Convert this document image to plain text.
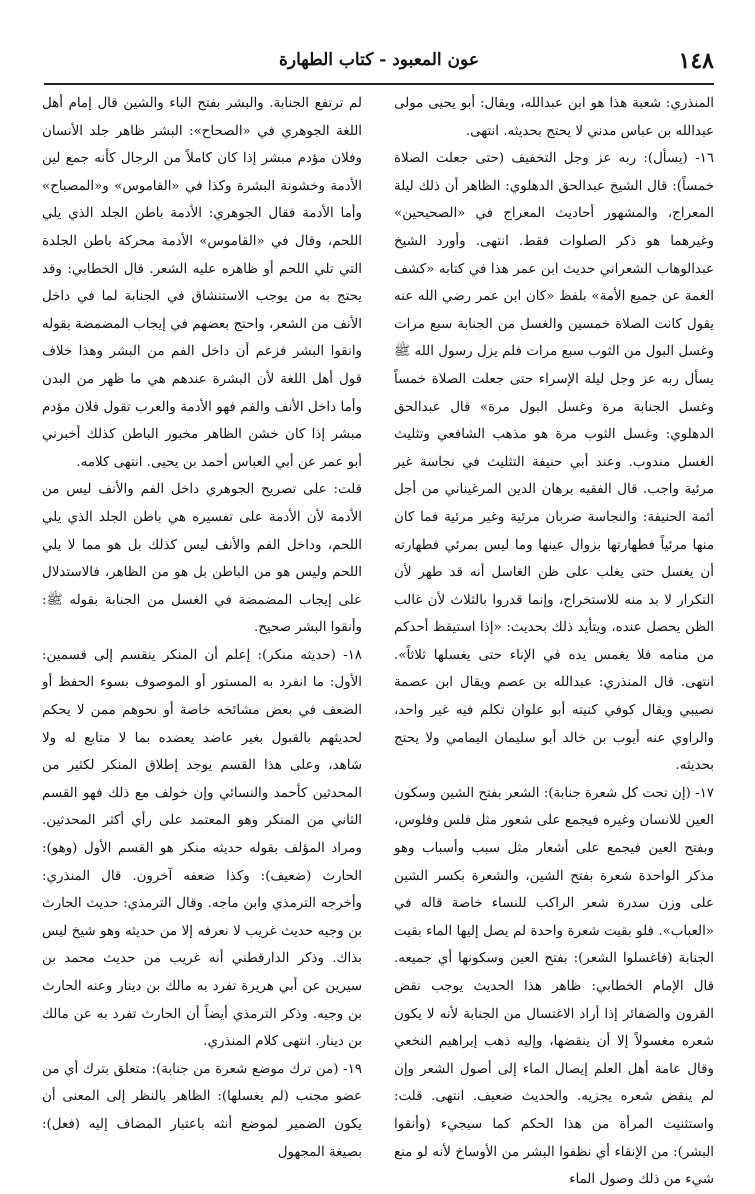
١٤٨
عون المعبود - كتاب الطهارة

المنذري: شعبة هذا هو ابن عبدالله، ويقال: أبو يحيى مولى عبدالله بن عباس مدني لا يحتج بحديثه. انتهى.

١٦- (يسأل): ربه عز وجل التخفيف (حتى جعلت الصلاة خمساً): قال الشيخ عبدالحق الدهلوي: الظاهر أن ذلك ليلة المعراج، والمشهور أحاديث المعراج في «الصحيحين» وغيرهما هو ذكر الصلوات فقط. انتهى. وأورد الشيخ عبدالوهاب الشعراني حديث ابن عمر هذا في كتابه «كشف الغمة عن جميع الأمة» بلفظ «كان ابن عمر رضي الله عنه يقول كانت الصلاة خمسين والغسل من الجنابة سبع مرات وغسل البول من الثوب سبع مرات فلم يزل رسول الله ﷺ يسأل ربه عز وجل ليلة الإسراء حتى جعلت الصلاة خمساً وغسل الجنابة مرة وغسل البول مرة» قال عبدالحق الدهلوي: وغسل الثوب مرة هو مذهب الشافعي وتثليث الغسل مندوب. وعند أبي حنيفة التثليث في نجاسة غير مرئية واجب. قال الفقيه برهان الدين المرغيناني من أجل أئمة الحنيفة: والنجاسة ضربان مرئية وغير مرئية فما كان منها مرئياً فطهارتها بزوال عينها وما ليس بمرئي فطهارته أن يغسل حتى يغلب على ظن الغاسل أنه قد طهر لأن التكرار لا بد منه للاستخراج، وإنما قدروا بالثلاث لأن غالب الظن يحصل عنده، ويتأيد ذلك بحديث: «إذا استيقظ أحدكم من منامه فلا يغمس يده في الإناء حتى يغسلها ثلاثاً». انتهى. قال المنذري: عبدالله بن عصم ويقال ابن عصمة نصيبي ويقال كوفي كنيته أبو علوان تكلم فيه غير واحد، والراوي عنه أيوب بن خالد أبو سليمان اليمامي ولا يحتج بحديثه.

١٧- (إن تحت كل شعرة جنابة): الشعر بفتح الشين وسكون العين للانسان وغيره فيجمع على شعور مثل فلس وفلوس، وبفتح العين فيجمع على أشعار مثل سبب وأسباب وهو مذكر الواحدة شعرة بفتح الشين، والشعرة بكسر الشين على وزن سدرة شعر الراكب للنساء خاصة قاله في «العباب». فلو بقيت شعرة واحدة لم يصل إليها الماء بقيت الجنابة (فاغسلوا الشعر): بفتح العين وسكونها أي جميعه. قال الإمام الخطابي: ظاهر هذا الحديث يوجب نقض القرون والضفائر إذا أراد الاغتسال من الجنابة لأنه لا يكون شعره مغسولاً إلا أن ينقضها، وإليه ذهب إبراهيم النخعي وقال عامة أهل العلم إيصال الماء إلى أصول الشعر وإن لم ينقض شعره يجزيه. والحديث ضعيف. انتهى. قلت: واستثنيت المرأة من هذا الحكم كما سيجيء (وأنقوا البشر): من الإنقاء أي نظفوا البشر من الأوساخ لأنه لو منع شيء من ذلك وصول الماء

لم ترتفع الجنابة. والبشر بفتح الباء والشين قال إمام أهل اللغة الجوهري في «الصحاح»: البشر ظاهر جلد الأنسان وفلان مؤدم مبشر إذا كان كاملاً من الرجال كأنه جمع لين الأدمة وخشونة البشرة وكذا في «القاموس» و«المصباح» وأما الأدمة فقال الجوهري: الأدمة باطن الجلد الذي يلي اللحم، وقال في «القاموس» الأدمة محركة باطن الجلدة التي تلي اللحم أو ظاهره عليه الشعر. قال الخطابي: وقد يحتج به من يوجب الاستنشاق في الجنابة لما في داخل الأنف من الشعر، واحتج بعضهم في إيجاب المضمضة بقوله وانقوا البشر فزعم أن داخل الفم من البشر وهذا خلاف قول أهل اللغة لأن البشرة عندهم هي ما ظهر من البدن وأما داخل الأنف والفم فهو الأدمة والعرب تقول فلان مؤدم مبشر إذا كان خشن الظاهر مخبور الباطن كذلك أخبرني أبو عمر عن أبي العباس أحمد بن يحيى. انتهى كلامه.

قلت: على تصريح الجوهري داخل الفم والأنف ليس من الأدمة لأن الأدمة على تفسيره هي باطن الجلد الذي يلي اللحم، وداخل الفم والأنف ليس كذلك بل هو مما لا يلي اللحم وليس هو من الباطن بل هو من الظاهر، فالاستدلال على إيجاب المضمضة في الغسل من الجنابة بقوله ﷺ: وأنقوا البشر صحيح.

١٨- (حديثه منكر): إعلم أن المنكر ينقسم إلى قسمين: الأول: ما انفرد به المستور أو الموصوف بسوء الحفظ أو الضعف في بعض مشائخه خاصة أو نحوهم ممن لا يحكم لحديثهم بالقبول بغير عاضد يعضده بما لا متابع له ولا شاهد، وعلى هذا القسم يوجد إطلاق المنكر لكثير من المحدثين كأحمد والنسائي وإن خولف مع ذلك فهو القسم الثاني من المنكر وهو المعتمد على رأي أكثر المحدثين. ومراد المؤلف بقوله حديثه منكر هو القسم الأول (وهو): الحارث (ضعيف): وكذا ضعفه آخرون. قال المنذري: وأخرجه الترمذي وابن ماجه. وقال الترمذي: حديث الحارث بن وجيه حديث غريب لا نعرفه إلا من حديثه وهو شيخ ليس بذاك. وذكر الدارقطني أنه غريب من حديث محمد بن سيرين عن أبي هريرة تفرد به مالك بن دينار وعنه الحارث بن وجيه. وذكر الترمذي أيضاً أن الحارث تفرد به عن مالك بن دينار. انتهى كلام المنذري.

١٩- (من ترك موضع شعرة من جنابة): متعلق بترك أي من عضو مجنب (لم يغسلها): الظاهر بالنظر إلى المعنى أن يكون الضمير لموضع أنثه باعتبار المضاف إليه (فعل): بصيغة المجهول
